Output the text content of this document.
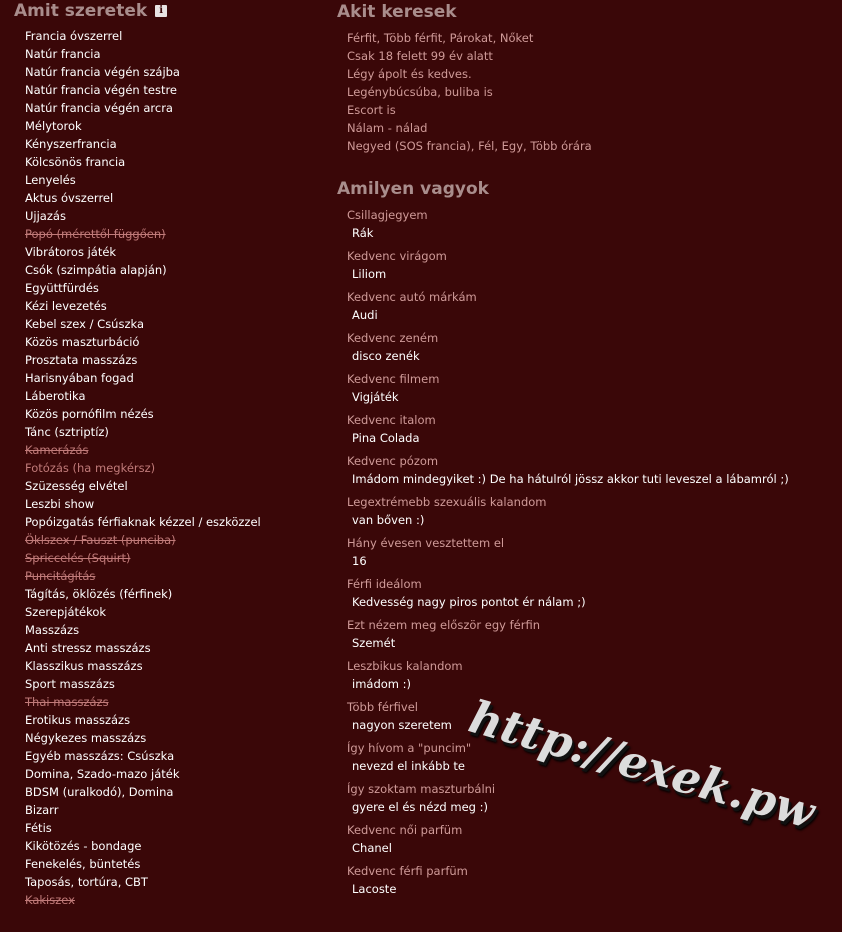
Amit szeretek	i
Francia óvszerrel
Natúr francia
Natúr francia végén szájba
Natúr francia végén testre
Natúr francia végén arcra
Mélytorok
Kényszerfrancia
Kölcsönös francia
Lenyelés
Aktus óvszerrel
Ujjazás
Popó (mérettől függően)
Vibrátoros játék
Csók (szimpátia alapján)
Együttfürdés
Kézi levezetés
Kebel szex / Csúszka
Közös maszturbáció
Prosztata masszázs
Harisnyában fogad
Láberotika
Közös pornófilm nézés
Tánc (sztriptíz)
Kamerázás
Fotózás (ha megkérsz)
Szüzesség elvétel
Leszbi show
Popóizgatás férfiaknak kézzel / eszközzel
Öklszex / Fauszt (punciba)
Spriccelés (Squirt)
Puncitágítás
Tágítás, öklözés (férfinek)
Szerepjátékok
Masszázs
Anti stressz masszázs
Klasszikus masszázs
Sport masszázs
Thai masszázs
Erotikus masszázs
Négykezes masszázs
Egyéb masszázs: Csúszka
Domina, Szado-mazo játék
BDSM (uralkodó), Domina
Bizarr
Fétis
Kikötözés - bondage
Fenekelés, büntetés
Taposás, tortúra, CBT
Kakiszex
Akit keresek
Férfit, Több férfit, Párokat, Nőket
Csak 18 felett 99 év alatt
Légy ápolt és kedves.
Legénybúcsúba, buliba is
Escort is
Nálam - nálad
Negyed (SOS francia), Fél, Egy, Több órára
Amilyen vagyok
Csillagjegyem
Rák
Kedvenc virágom
Liliom
Kedvenc autó márkám
Audi
Kedvenc zeném
disco zenék
Kedvenc filmem
Vigjáték
Kedvenc italom
Pina Colada
Kedvenc pózom
Imádom mindegyiket :) De ha hátulról jössz akkor tuti leveszel a lábamról ;)
Legextrémebb szexuális kalandom
van bőven :)
Hány évesen vesztettem el
16
Férfi ideálom
Kedvesség nagy piros pontot ér nálam ;)
Ezt nézem meg először egy férfin
Szemét
Leszbikus kalandom
imádom :)
Több férfivel
nagyon szeretem
Így hívom a "puncim"
nevezd el inkább te
Így szoktam maszturbálni
gyere el és nézd meg :)
Kedvenc női parfüm
Chanel
Kedvenc férfi parfüm
Lacoste
http://exek.pw
